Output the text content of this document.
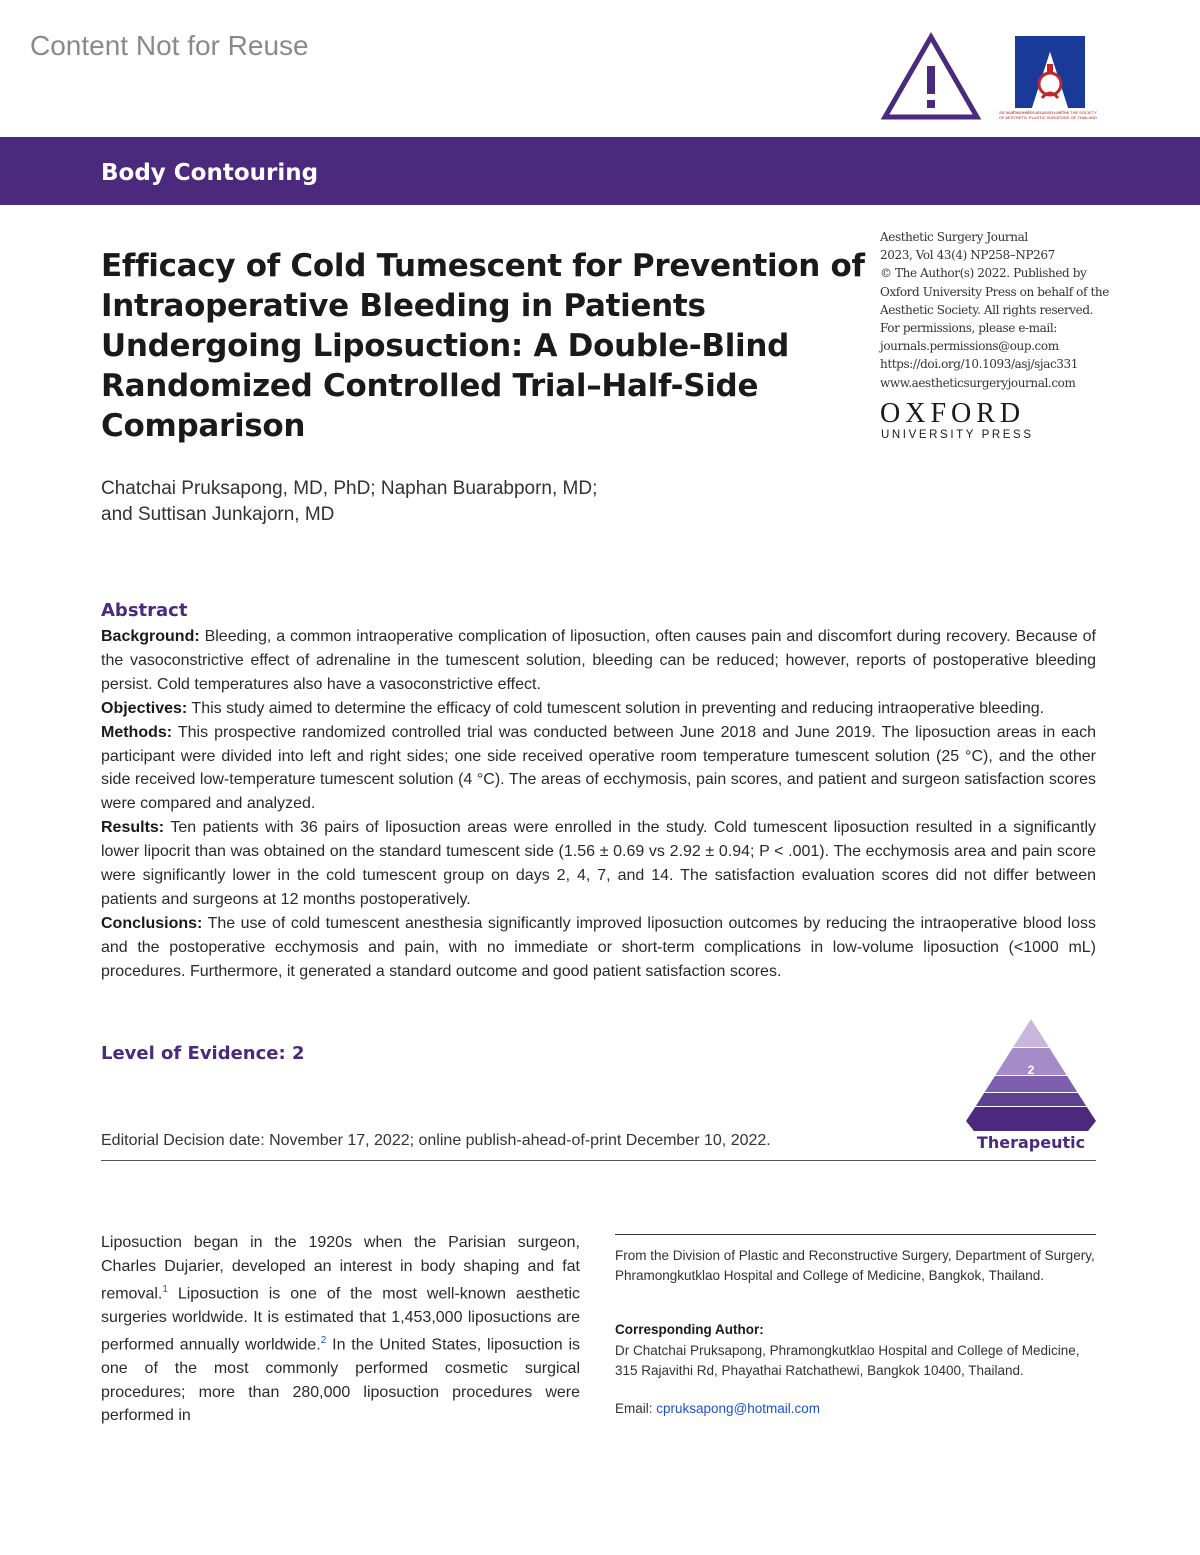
Content Not for Reuse
สมาคมศัลยแพทย์ตกแต่งแห่งประเทศไทย THE SOCIETY OF AESTHETIC PLASTIC SURGEONS OF THAILAND
Body Contouring
Efficacy of Cold Tumescent for Prevention of Intraoperative Bleeding in Patients Undergoing Liposuction: A Double-Blind Randomized Controlled Trial–Half-Side Comparison
Aesthetic Surgery Journal
2023, Vol 43(4) NP258–NP267
© The Author(s) 2022. Published by
Oxford University Press on behalf of the
Aesthetic Society. All rights reserved.
For permissions, please e-mail:
journals.permissions@oup.com
https://doi.org/10.1093/asj/sjac331
www.aestheticsurgeryjournal.com
OXFORD
UNIVERSITY PRESS
Chatchai Pruksapong, MD, PhD; Naphan Buarabporn, MD;
and Suttisan Junkajorn, MD
Abstract

Background: Bleeding, a common intraoperative complication of liposuction, often causes pain and discomfort during recovery. Because of the vasoconstrictive effect of adrenaline in the tumescent solution, bleeding can be reduced; however, reports of postoperative bleeding persist. Cold temperatures also have a vasoconstrictive effect.

Objectives: This study aimed to determine the efficacy of cold tumescent solution in preventing and reducing intraoperative bleeding.

Methods: This prospective randomized controlled trial was conducted between June 2018 and June 2019. The liposuction areas in each participant were divided into left and right sides; one side received operative room temperature tumescent solution (25 °C), and the other side received low-temperature tumescent solution (4 °C). The areas of ecchymosis, pain scores, and patient and surgeon satisfaction scores were compared and analyzed.

Results: Ten patients with 36 pairs of liposuction areas were enrolled in the study. Cold tumescent liposuction resulted in a significantly lower lipocrit than was obtained on the standard tumescent side (1.56 ± 0.69 vs 2.92 ± 0.94; P < .001). The ecchymosis area and pain score were significantly lower in the cold tumescent group on days 2, 4, 7, and 14. The satisfaction evaluation scores did not differ between patients and surgeons at 12 months postoperatively.

Conclusions: The use of cold tumescent anesthesia significantly improved liposuction outcomes by reducing the intraoperative blood loss and the postoperative ecchymosis and pain, with no immediate or short-term complications in low-volume liposuction (<1000 mL) procedures. Furthermore, it generated a standard outcome and good patient satisfaction scores.

Level of Evidence: 2
2
Therapeutic
Editorial Decision date: November 17, 2022; online publish-ahead-of-print December 10, 2022.
Liposuction began in the 1920s when the Parisian surgeon, Charles Dujarier, developed an interest in body shaping and fat removal.$^1$ Liposuction is one of the most well-known aesthetic surgeries worldwide. It is estimated that 1,453,000 liposuctions are performed annually worldwide.$^2$ In the United States, liposuction is one of the most commonly performed cosmetic surgical procedures; more than 280,000 liposuction procedures were performed in
From the Division of Plastic and Reconstructive Surgery, Department of Surgery, Phramongkutklao Hospital and College of Medicine, Bangkok, Thailand.
Corresponding Author:
Dr Chatchai Pruksapong, Phramongkutklao Hospital and College of Medicine, 315 Rajavithi Rd, Phayathai Ratchathewi, Bangkok 10400, Thailand.
Email: cpruksapong@hotmail.com
